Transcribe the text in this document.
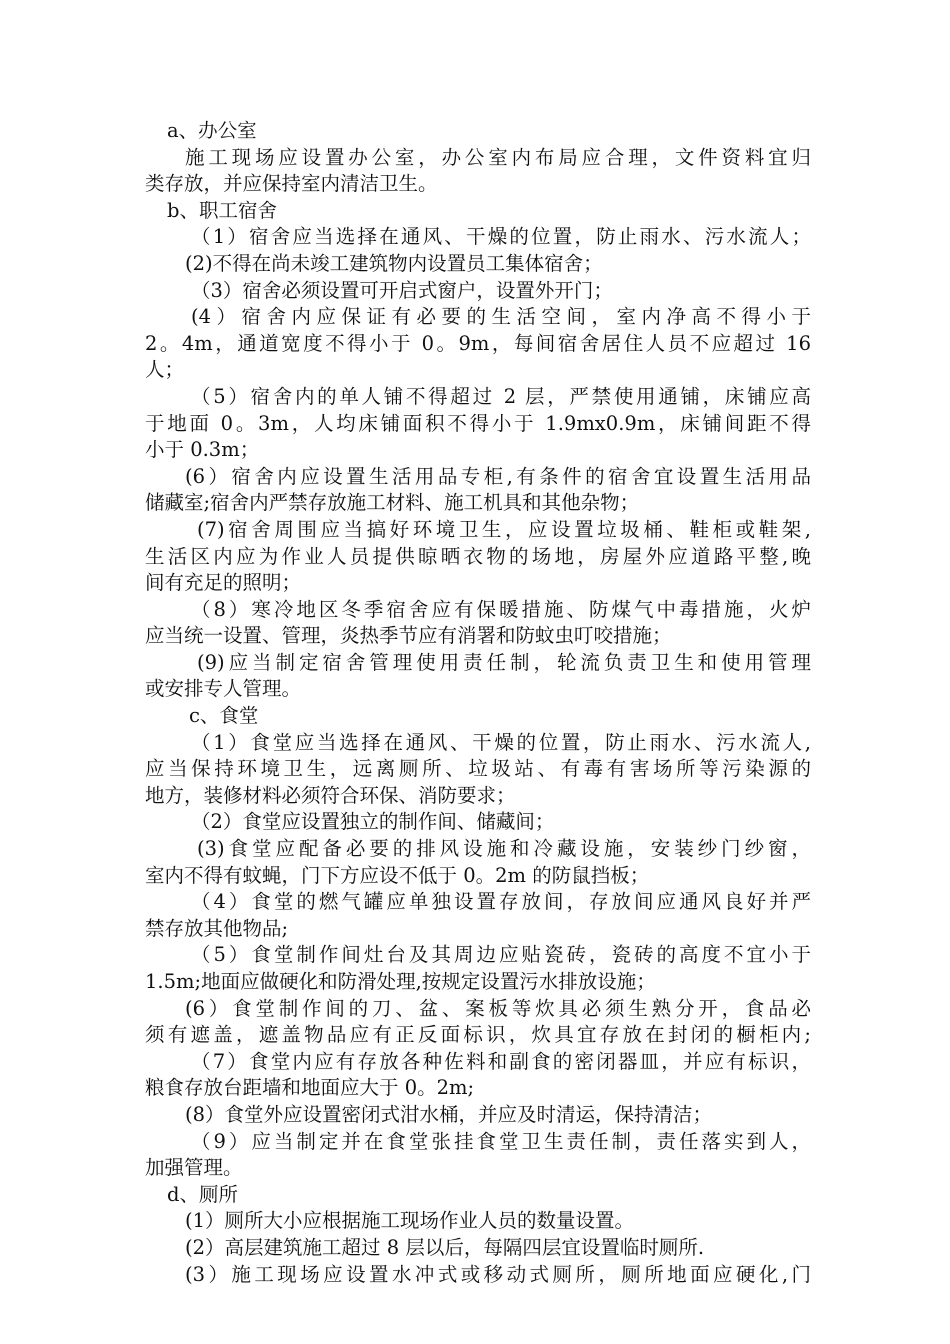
a、办公室
施工现场应设置办公室，办公室内布局应合理，文件资料宜归
类存放，并应保持室内清洁卫生。
b、职工宿舍
（1）宿舍应当选择在通风、干燥的位置，防止雨水、污水流人；
(2)不得在尚未竣工建筑物内设置员工集体宿舍；
（3）宿舍必须设置可开启式窗户，设置外开门；
(4）宿舍内应保证有必要的生活空间，室内净高不得小于
2。4m，通道宽度不得小于 0。9m，每间宿舍居住人员不应超过 16
人；
（5）宿舍内的单人铺不得超过 2 层，严禁使用通铺，床铺应高
于地面 0。3m，人均床铺面积不得小于 1.9mx0.9m，床铺间距不得
小于 0.3m；
(6）宿舍内应设置生活用品专柜,有条件的宿舍宜设置生活用品
储藏室;宿舍内严禁存放施工材料、施工机具和其他杂物；
(7)宿舍周围应当搞好环境卫生，应设置垃圾桶、鞋柜或鞋架,
生活区内应为作业人员提供晾晒衣物的场地，房屋外应道路平整,晚
间有充足的照明；
（8）寒冷地区冬季宿舍应有保暖措施、防煤气中毒措施，火炉
应当统一设置、管理，炎热季节应有消署和防蚊虫叮咬措施；
(9)应当制定宿舍管理使用责任制，轮流负责卫生和使用管理
或安排专人管理。
c、食堂
（1）食堂应当选择在通风、干燥的位置，防止雨水、污水流人,
应当保持环境卫生，远离厕所、垃圾站、有毒有害场所等污染源的
地方，装修材料必须符合环保、消防要求；
（2）食堂应设置独立的制作间、储藏间；
(3)食堂应配备必要的排风设施和冷藏设施，安装纱门纱窗，
室内不得有蚊蝇，门下方应设不低于 0。2m 的防鼠挡板；
（4）食堂的燃气罐应单独设置存放间，存放间应通风良好并严
禁存放其他物品;
（5）食堂制作间灶台及其周边应贴瓷砖，瓷砖的高度不宜小于
1.5m;地面应做硬化和防滑处理,按规定设置污水排放设施；
(6）食堂制作间的刀、盆、案板等炊具必须生熟分开，食品必
须有遮盖，遮盖物品应有正反面标识，炊具宜存放在封闭的橱柜内;
（7）食堂内应有存放各种佐料和副食的密闭器皿，并应有标识，
粮食存放台距墙和地面应大于 0。2m;
(8）食堂外应设置密闭式泔水桶，并应及时清运，保持清洁；
（9）应当制定并在食堂张挂食堂卫生责任制，责任落实到人，
加强管理。
d、厕所
(1）厕所大小应根据施工现场作业人员的数量设置。
(2）高层建筑施工超过 8 层以后，每隔四层宜设置临时厕所.
(3）施工现场应设置水冲式或移动式厕所，厕所地面应硬化,门
